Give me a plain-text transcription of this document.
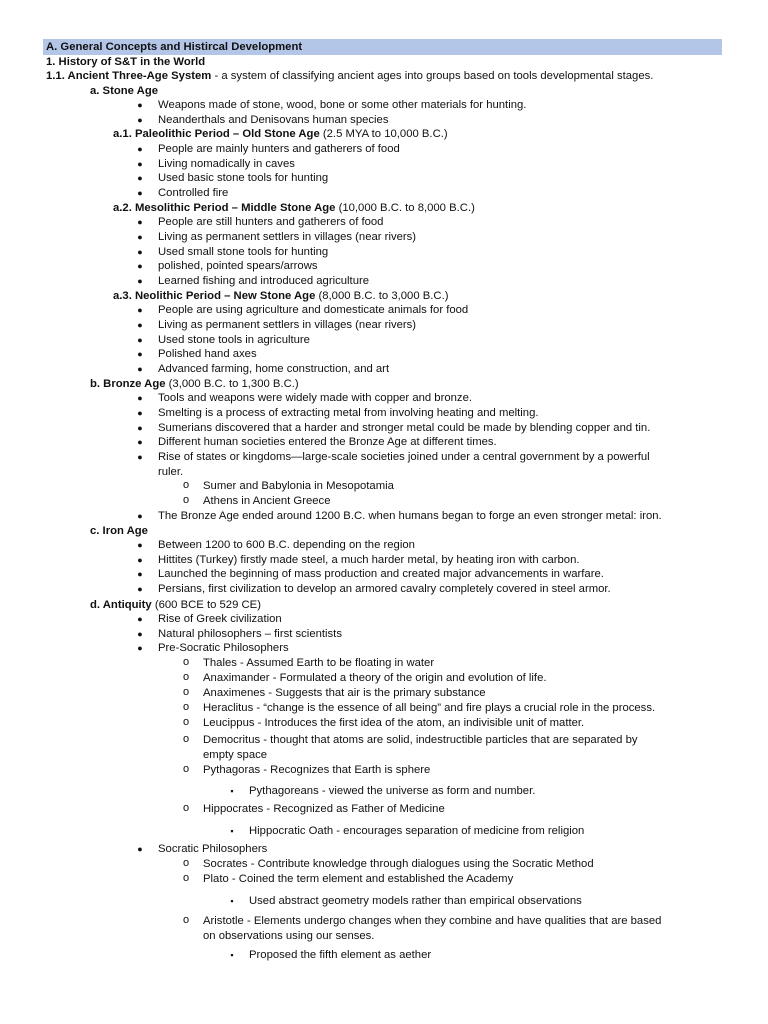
A. General Concepts and Histircal Development
1. History of S&T in the World
1.1. Ancient Three-Age System - a system of classifying ancient ages into groups based on tools developmental stages.
a. Stone Age
● Weapons made of stone, wood, bone or some other materials for hunting.
● Neanderthals and Denisovans human species
a.1. Paleolithic Period – Old Stone Age (2.5 MYA to 10,000 B.C.)
● People are mainly hunters and gatherers of food
● Living nomadically in caves
● Used basic stone tools for hunting
● Controlled fire
a.2. Mesolithic Period – Middle Stone Age (10,000 B.C. to 8,000 B.C.)
● People are still hunters and gatherers of food
● Living as permanent settlers in villages (near rivers)
● Used small stone tools for hunting
● polished, pointed spears/arrows
● Learned fishing and introduced agriculture
a.3. Neolithic Period – New Stone Age (8,000 B.C. to 3,000 B.C.)
● People are using agriculture and domesticate animals for food
● Living as permanent settlers in villages (near rivers)
● Used stone tools in agriculture
● Polished hand axes
● Advanced farming, home construction, and art
b. Bronze Age (3,000 B.C. to 1,300 B.C.)
● Tools and weapons were widely made with copper and bronze.
● Smelting is a process of extracting metal from involving heating and melting.
● Sumerians discovered that a harder and stronger metal could be made by blending copper and tin.
● Different human societies entered the Bronze Age at different times.
● Rise of states or kingdoms—large-scale societies joined under a central government by a powerful
ruler.
o Sumer and Babylonia in Mesopotamia
o Athens in Ancient Greece
● The Bronze Age ended around 1200 B.C. when humans began to forge an even stronger metal: iron.
c. Iron Age
● Between 1200 to 600 B.C. depending on the region
● Hittites (Turkey) firstly made steel, a much harder metal, by heating iron with carbon.
● Launched the beginning of mass production and created major advancements in warfare.
● Persians, first civilization to develop an armored cavalry completely covered in steel armor.
d. Antiquity (600 BCE to 529 CE)
● Rise of Greek civilization
● Natural philosophers – first scientists
● Pre-Socratic Philosophers
o Thales - Assumed Earth to be floating in water
o Anaximander - Formulated a theory of the origin and evolution of life.
o Anaximenes - Suggests that air is the primary substance
o Heraclitus - “change is the essence of all being” and fire plays a crucial role in the process.
o Leucippus - Introduces the first idea of the atom, an indivisible unit of matter.
o Democritus - thought that atoms are solid, indestructible particles that are separated by
empty space
o Pythagoras - Recognizes that Earth is sphere
▪	Pythagoreans - viewed the universe as form and number.
o Hippocrates - Recognized as Father of Medicine
▪	Hippocratic Oath - encourages separation of medicine from religion
● Socratic Philosophers
o Socrates - Contribute knowledge through dialogues using the Socratic Method
o Plato - Coined the term element and established the Academy
▪	Used abstract geometry models rather than empirical observations
o Aristotle - Elements undergo changes when they combine and have qualities that are based
on observations using our senses.
▪	Proposed the fifth element as aether
